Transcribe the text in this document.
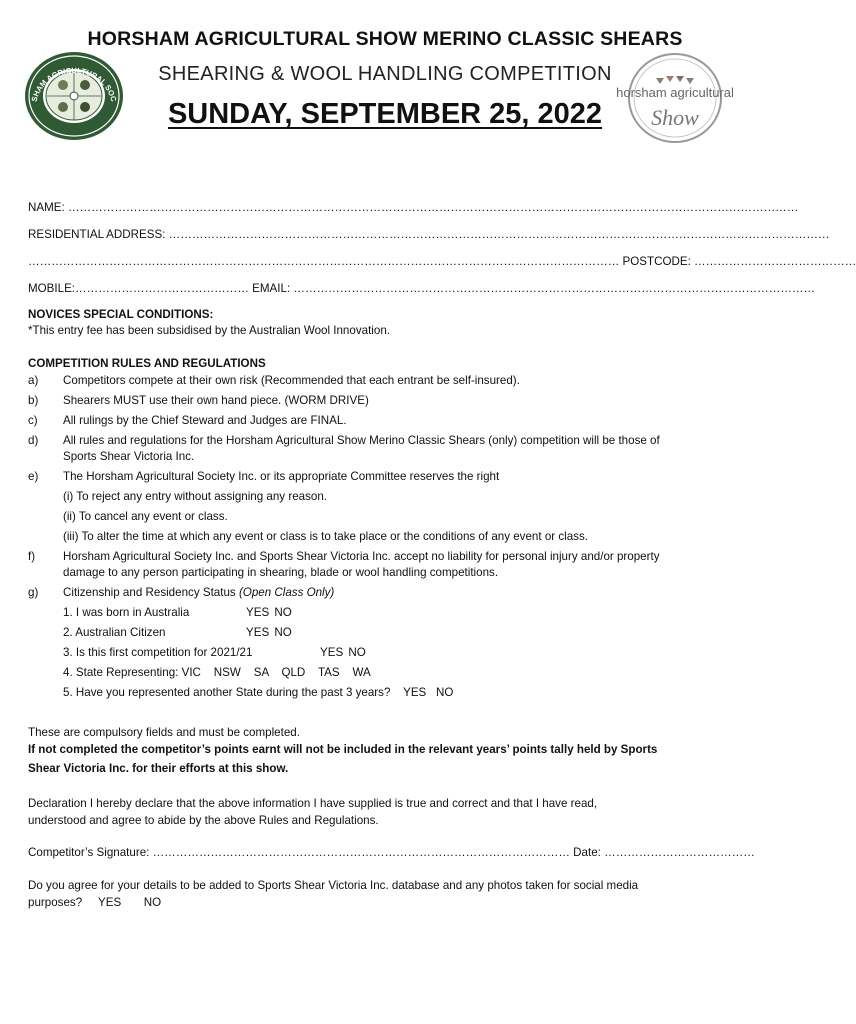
HORSHAM AGRICULTURAL SHOW MERINO CLASSIC SHEARS
SHEARING & WOOL HANDLING COMPETITION
SUNDAY, SEPTEMBER 25, 2022
SHAM AGRICULTURAL SOC	horsham agricultural
Show
NAME: ………………………………………………………………………………………………………………………………………………………………………
RESIDENTIAL ADDRESS: ………………………………………………………………………………………………………………………………………………………
……………………………………………………………………………………………………………………………………… POSTCODE: ……………………………………
MOBILE:……………………………………… EMAIL: ………………………………………………………………………………………………………………………
NOVICES SPECIAL CONDITIONS:
*This entry fee has been subsidised by the Australian Wool Innovation.
COMPETITION RULES AND REGULATIONS
a)	Competitors compete at their own risk (Recommended that each entrant be self-insured).
b)	Shearers MUST use their own hand piece. (WORM DRIVE)
c)	All rulings by the Chief Steward and Judges are FINAL.
d)	All rules and regulations for the Horsham Agricultural Show Merino Classic Shears (only) competition will be those of
Sports Shear Victoria Inc.
e)	The Horsham Agricultural Society Inc. or its appropriate Committee reserves the right
(i) To reject any entry without assigning any reason.
(ii) To cancel any event or class.
(iii) To alter the time at which any event or class is to take place or the conditions of any event or class.
f)	Horsham Agricultural Society Inc. and Sports Shear Victoria Inc. accept no liability for personal injury and/or property
damage to any person participating in shearing, blade or wool handling competitions.
g)	Citizenship and Residency Status (Open Class Only)
1. I was born in Australia	YES NO
2. Australian Citizen	YES NO
3. Is this first competition for 2021/21	YES NO
4. State Representing: VIC    NSW    SA    QLD    TAS    WA
5. Have you represented another State during the past 3 years?    YES   NO
These are compulsory fields and must be completed.
If not completed the competitor’s points earnt will not be included in the relevant years’ points tally held by Sports
Shear Victoria Inc. for their efforts at this show.
Declaration I hereby declare that the above information I have supplied is true and correct and that I have read,
understood and agree to abide by the above Rules and Regulations.
Competitor’s Signature: ……………………………………………………………………………………………… Date: …………………………………
Do you agree for your details to be added to Sports Shear Victoria Inc. database and any photos taken for social media
purposes?     YES       NO
